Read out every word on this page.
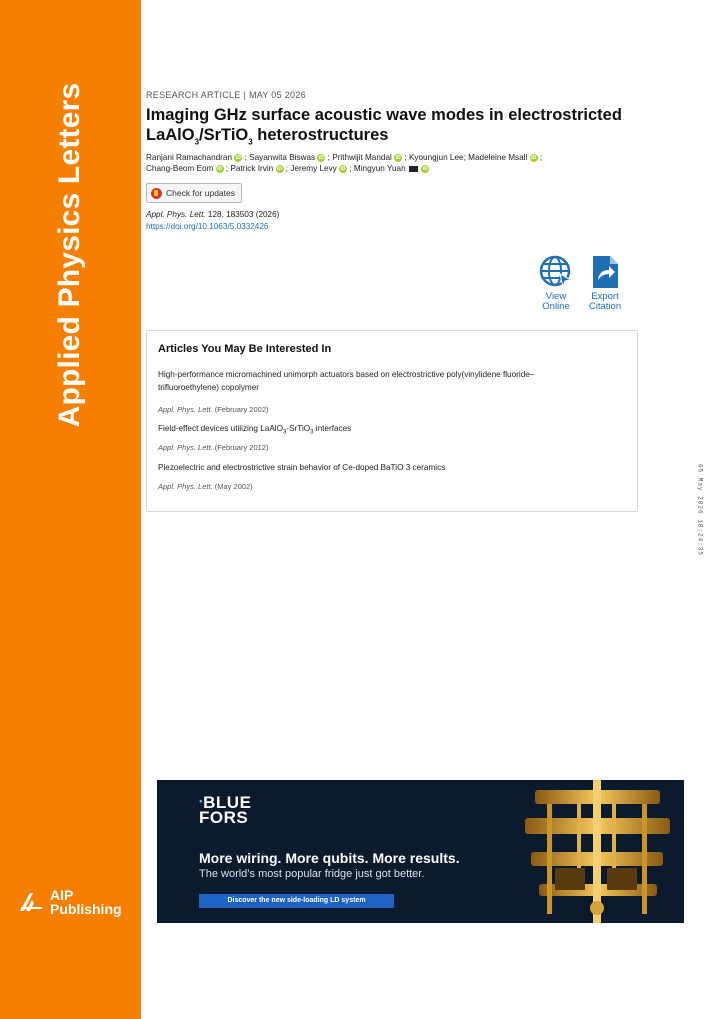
Applied Physics Letters
AIP
Publishing
RESEARCH ARTICLE | MAY 05 2026
Imaging GHz surface acoustic wave modes in electrostricted
LaAlO$_3$/SrTiO$_3$ heterostructures
Ranjani Ramachandran iD ; Sayanwita Biswas iD ; Prithwijit Mandal iD ; Kyoungjun Lee; Madeleine Msall iD ;
Chang-Beom Eom iD ; Patrick Irvin iD ; Jeremy Levy iD ; Mingyun Yuan	iD
Check for updates
Appl. Phys. Lett. 128, 183503 (2026)
https://doi.org/10.1063/5.0332426
View
Online
Export
Citation
Articles You May Be Interested In
High-performance micromachined unimorph actuators based on electrostrictive poly(vinylidene fluoride–
trifluoroethylene) copolymer
Appl. Phys. Lett. (February 2002)
Field-effect devices utilizing LaAlO$_3$-SrTiO$_3$ interfaces
Appl. Phys. Lett. (February 2012)
Piezoelectric and electrostrictive strain behavior of Ce-doped BaTiO 3 ceramics
Appl. Phys. Lett. (May 2002)	05 May 2026 18:24:35
●BLUE
FORS
More wiring. More qubits. More results.
The world’s most popular fridge just got better.
Discover the new side-loading LD system
